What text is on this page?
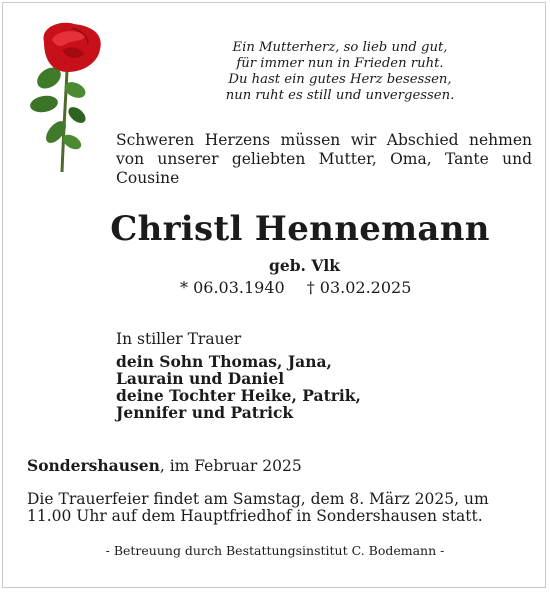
Ein Mutterherz, so lieb und gut,
für immer nun in Frieden ruht.
Du hast ein gutes Herz besessen,
nun ruht es still und unvergessen.
Schweren Herzens müssen wir Abschied nehmen von unserer geliebten Mutter, Oma, Tante und Cousine
Christl Hennemann
geb. Vlk
* 06.03.1940 † 03.02.2025
In stiller Trauer
dein Sohn Thomas, Jana,
Laurain und Daniel
deine Tochter Heike, Patrik,
Jennifer und Patrick
Sondershausen, im Februar 2025
Die Trauerfeier findet am Samstag, dem 8. März 2025, um
11.00 Uhr auf dem Hauptfriedhof in Sondershausen statt.
- Betreuung durch Bestattungsinstitut C. Bodemann -
